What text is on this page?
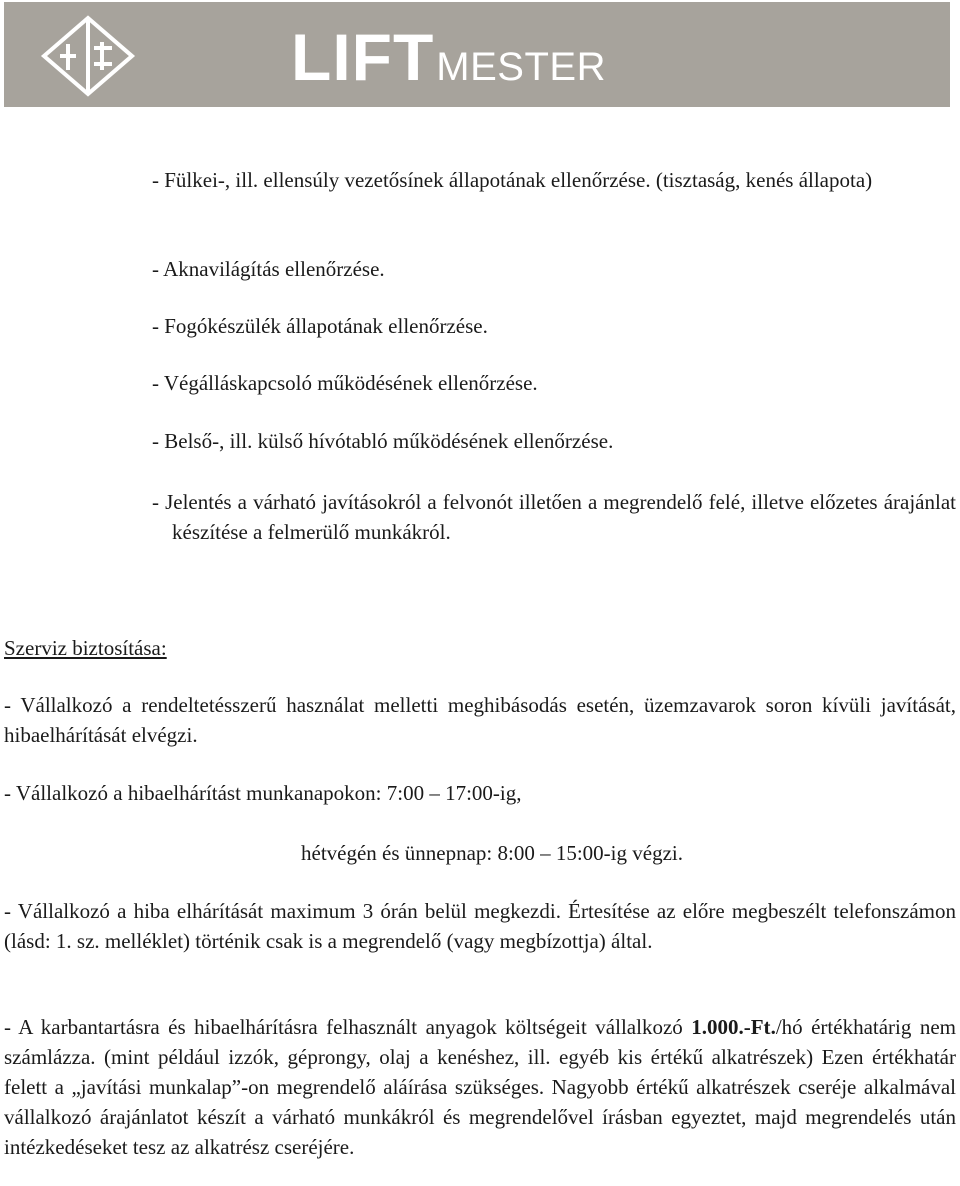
LIFT MESTER

- Fülkei-, ill. ellensúly vezetősínek állapotának ellenőrzése. (tisztaság, kenés állapota)

- Aknavilágítás ellenőrzése.

- Fogókészülék állapotának ellenőrzése.

- Végálláskapcsoló működésének ellenőrzése.

- Belső-, ill. külső hívótabló működésének ellenőrzése.

- Jelentés a várható javításokról a felvonót illetően a megrendelő felé, illetve előzetes árajánlat készítése a felmerülő munkákról.

Szerviz biztosítása:

- Vállalkozó a rendeltetésszerű használat melletti meghibásodás esetén, üzemzavarok soron kívüli javítását, hibaelhárítását elvégzi.

- Vállalkozó a hibaelhárítást munkanapokon: 7:00 – 17:00-ig,

hétvégén és ünnepnap: 8:00 – 15:00-ig végzi.

- Vállalkozó a hiba elhárítását maximum 3 órán belül megkezdi. Értesítése az előre megbeszélt telefonszámon (lásd: 1. sz. melléklet) történik csak is a megrendelő (vagy megbízottja) által.

- A karbantartásra és hibaelhárításra felhasznált anyagok költségeit vállalkozó 1.000.-Ft./hó értékhatárig nem számlázza. (mint például izzók, géprongy, olaj a kenéshez, ill. egyéb kis értékű alkatrészek) Ezen értékhatár felett a „javítási munkalap”-on megrendelő aláírása szükséges. Nagyobb értékű alkatrészek cseréje alkalmával vállalkozó árajánlatot készít a várható munkákról és megrendelővel írásban egyeztet, majd megrendelés után intézkedéseket tesz az alkatrész cseréjére.
